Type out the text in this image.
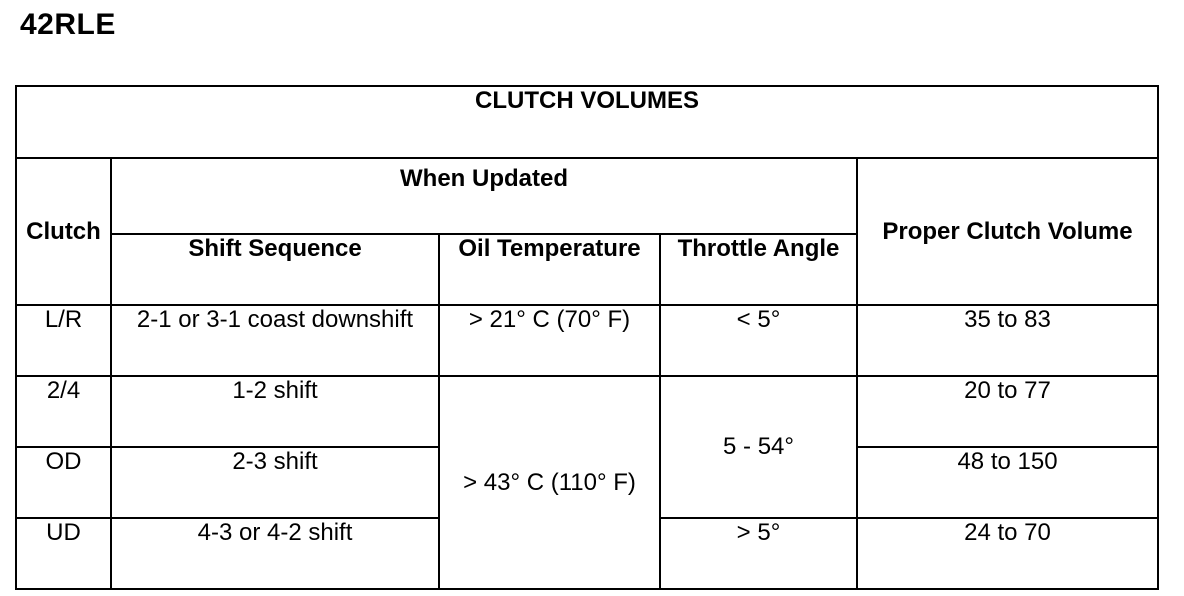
42RLE
CLUTCH VOLUMES				
Clutch	When Updated			Proper Clutch Volume
	Shift Sequence	Oil Temperature	Throttle Angle	
L/R	2-1 or 3-1 coast downshift	> 21° C (70° F)	< 5°	35 to 83
2/4	1-2 shift	> 43° C (110° F)	5 - 54°	20 to 77
OD	2-3 shift			48 to 150
UD	4-3 or 4-2 shift		> 5°	24 to 70
